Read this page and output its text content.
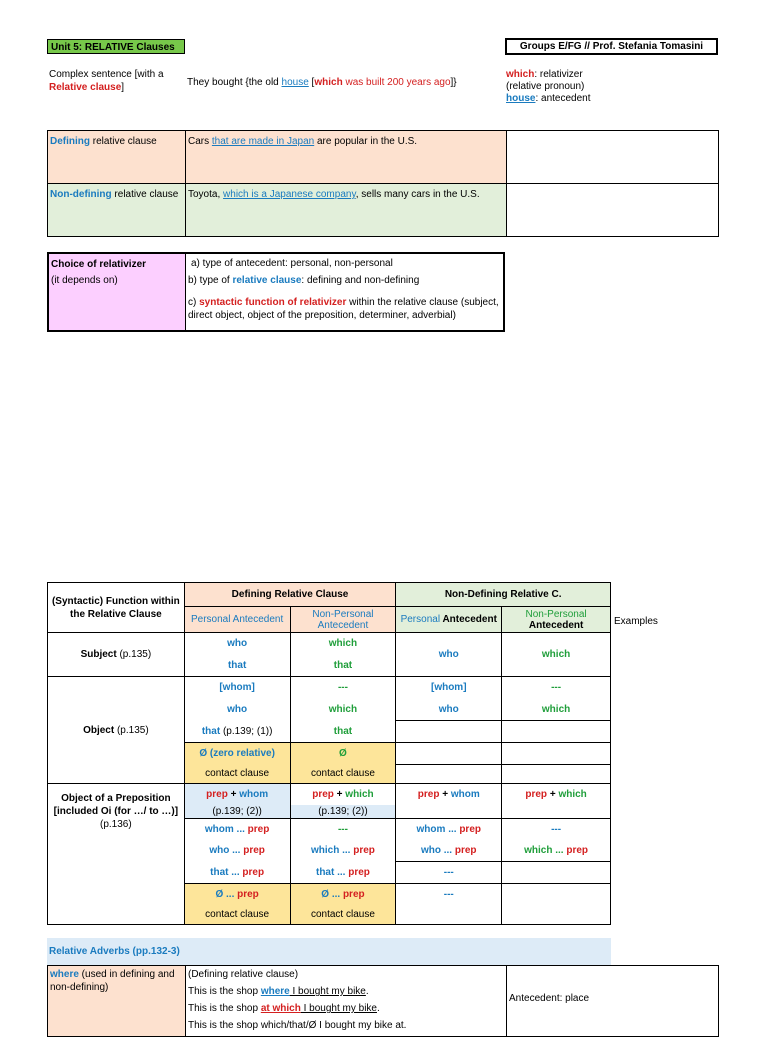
Unit 5: RELATIVE Clauses	Groups E/FG // Prof. Stefania Tomasini
Complex sentence [with a
Relative clause]	They bought {the old house [which was built 200 years ago]}
which: relativizer
(relative pronoun)
house: antecedent
Defining relative clause	Cars that are made in Japan are popular in the U.S.	
Non-defining relative clause	Toyota, which is a Japanese company, sells many cars in the U.S.	
Choice of relativizer
(it depends on)
a) type of antecedent: personal, non-personal
b) type of relative clause: defining and non-defining
c) syntactic function of relativizer within the relative clause (subject, direct object, object of the preposition, determiner, adverbial)
(Syntactic) Function within the Relative Clause	Defining Relative Clause		Non-Defining Relative C.	
	Personal Antecedent	Non-Personal Antecedent	Personal Antecedent	Non-Personal
Antecedent
Subject (p.135)	who	which	who	which
	that	that		
Object (p.135)	[whom]	---	[whom]	---
	who	which	who	which
	that (p.139; (1))	that		
	Ø (zero relative)	Ø		
	contact clause	contact clause		
Object of a Preposition [included Oi (for …/ to …)]
(p.136)	prep + whom	prep + which	prep + whom	prep + which
	(p.139; (2))	(p.139; (2))		
	whom ... prep	---	whom ... prep	---
	who ... prep	which ... prep	who ... prep	which ... prep
	that ... prep	that ... prep	---	
	Ø ... prep	Ø ... prep	---	
	contact clause	contact clause		
Examples
Relative Adverbs (pp.132-3)
where (used in defining and non-defining)	
(Defining relative clause)
This is the shop where I bought my bike.
This is the shop at which I bought my bike.
This is the shop which/that/Ø I bought my bike at.
	Antecedent: place
